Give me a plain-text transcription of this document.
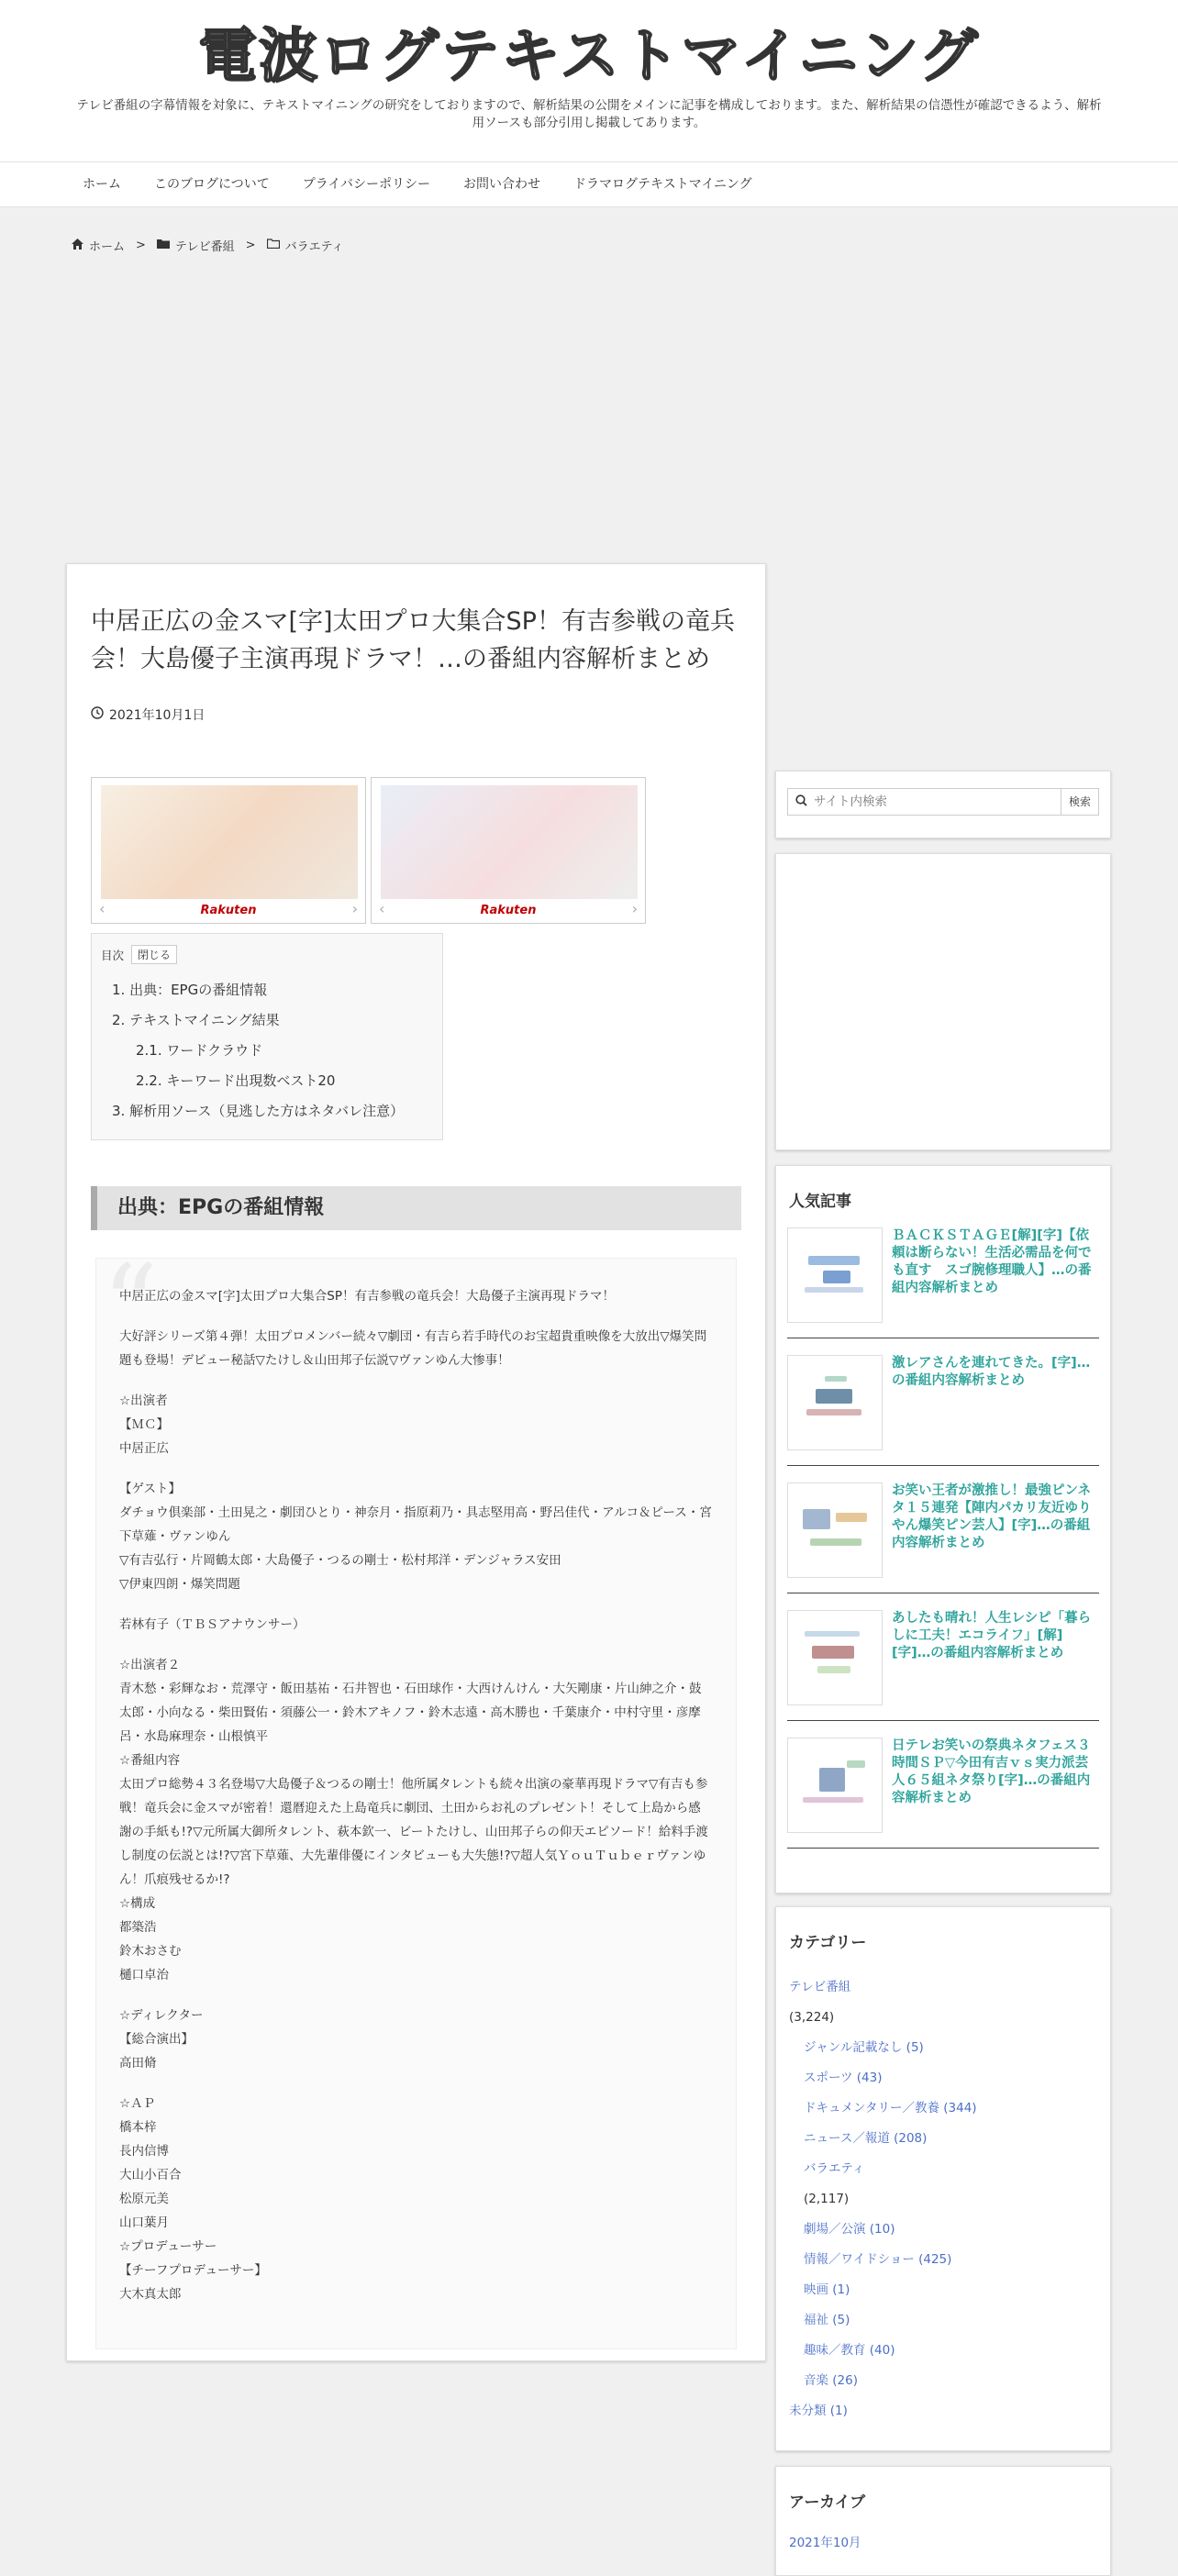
電波ログテキストマイニング
テレビ番組の字幕情報を対象に、テキストマイニングの研究をしておりますので、解析結果の公開をメインに記事を構成しております。また、解析結果の信憑性が確認できるよう、解析用ソースも部分引用し掲載してあります。
ホーム	このブログについて	プライバシーポリシー	お問い合わせ	ドラマログテキストマイニング
ホーム > テレビ番組 > バラエティ
中居正広の金スマ[字]太田プロ大集合SP！有吉参戦の竜兵会！大島優子主演再現ドラマ！…の番組内容解析まとめ
2021年10月1日
‹	Rakuten	› ‹	Rakuten	›
目次	閉じる
1. 出典：EPGの番組情報
2. テキストマイニング結果
2.1. ワードクラウド
2.2. キーワード出現数ベスト20
3. 解析用ソース（見逃した方はネタバレ注意）
出典：EPGの番組情報
“

中居正広の金スマ[字]太田プロ大集合SP！有吉参戦の竜兵会！大島優子主演再現ドラマ！

大好評シリーズ第４弾！太田プロメンバー続々▽劇団・有吉ら若手時代のお宝超貴重映像を大放出▽爆笑問題も登場！デビュー秘話▽たけし＆山田邦子伝説▽ヴァンゆん大惨事！

☆出演者
【ＭＣ】
中居正広

【ゲスト】
ダチョウ倶楽部・土田晃之・劇団ひとり・神奈月・指原莉乃・具志堅用高・野呂佳代・アルコ＆ピース・宮下草薙・ヴァンゆん
▽有吉弘行・片岡鶴太郎・大島優子・つるの剛士・松村邦洋・デンジャラス安田
▽伊東四朗・爆笑問題

若林有子（ＴＢＳアナウンサー）

☆出演者２
青木愁・彩輝なお・荒澤守・飯田基祐・石井智也・石田球作・大西けんけん・大矢剛康・片山紳之介・鼓太郎・小向なる・柴田賢佑・須藤公一・鈴木アキノフ・鈴木志遠・高木勝也・千葉康介・中村守里・彦摩呂・水島麻理奈・山根慎平
☆番組内容
太田プロ総勢４３名登場▽大島優子＆つるの剛士！他所属タレントも続々出演の豪華再現ドラマ▽有吉も参戦！竜兵会に金スマが密着！還暦迎えた上島竜兵に劇団、土田からお礼のプレゼント！そして上島から感謝の手紙も!?▽元所属大御所タレント、萩本欽一、ビートたけし、山田邦子らの仰天エピソード！給料手渡し制度の伝説とは!?▽宮下草薙、大先輩俳優にインタビューも大失態!?▽超人気ＹｏｕＴｕｂｅｒヴァンゆん！爪痕残せるか!?
☆構成
都築浩
鈴木おさむ
樋口卓治

☆ディレクター
【総合演出】
高田脩

☆ＡＰ
橋本梓
長内信博
大山小百合
松原元美
山口葉月
☆プロデューサー
【チーフプロデューサー】
大木真太郎

サイト内検索
検索
人気記事
ＢＡＣＫＳＴＡＧＥ[解][字]【依頼は断らない！生活必需品を何でも直す　スゴ腕修理職人】…の番組内容解析まとめ
激レアさんを連れてきた。[字]…の番組内容解析まとめ
お笑い王者が激推し！最強ピンネタ１５連発【陣内パカリ友近ゆりやん爆笑ピン芸人】[字]…の番組内容解析まとめ
あしたも晴れ！人生レシピ「暮らしに工夫！エコライフ」[解][字]…の番組内容解析まとめ
日テレお笑いの祭典ネタフェス３時間ＳＰ▽今田有吉ｖｓ実力派芸人６５組ネタ祭り[字]…の番組内容解析まとめ
カテゴリー
テレビ番組
(3,224)
ジャンル記載なし (5)
スポーツ (43)
ドキュメンタリー／教養 (344)
ニュース／報道 (208)
バラエティ
(2,117)
劇場／公演 (10)
情報／ワイドショー (425)
映画 (1)
福祉 (5)
趣味／教育 (40)
音楽 (26)
未分類 (1)
アーカイブ
2021年10月
